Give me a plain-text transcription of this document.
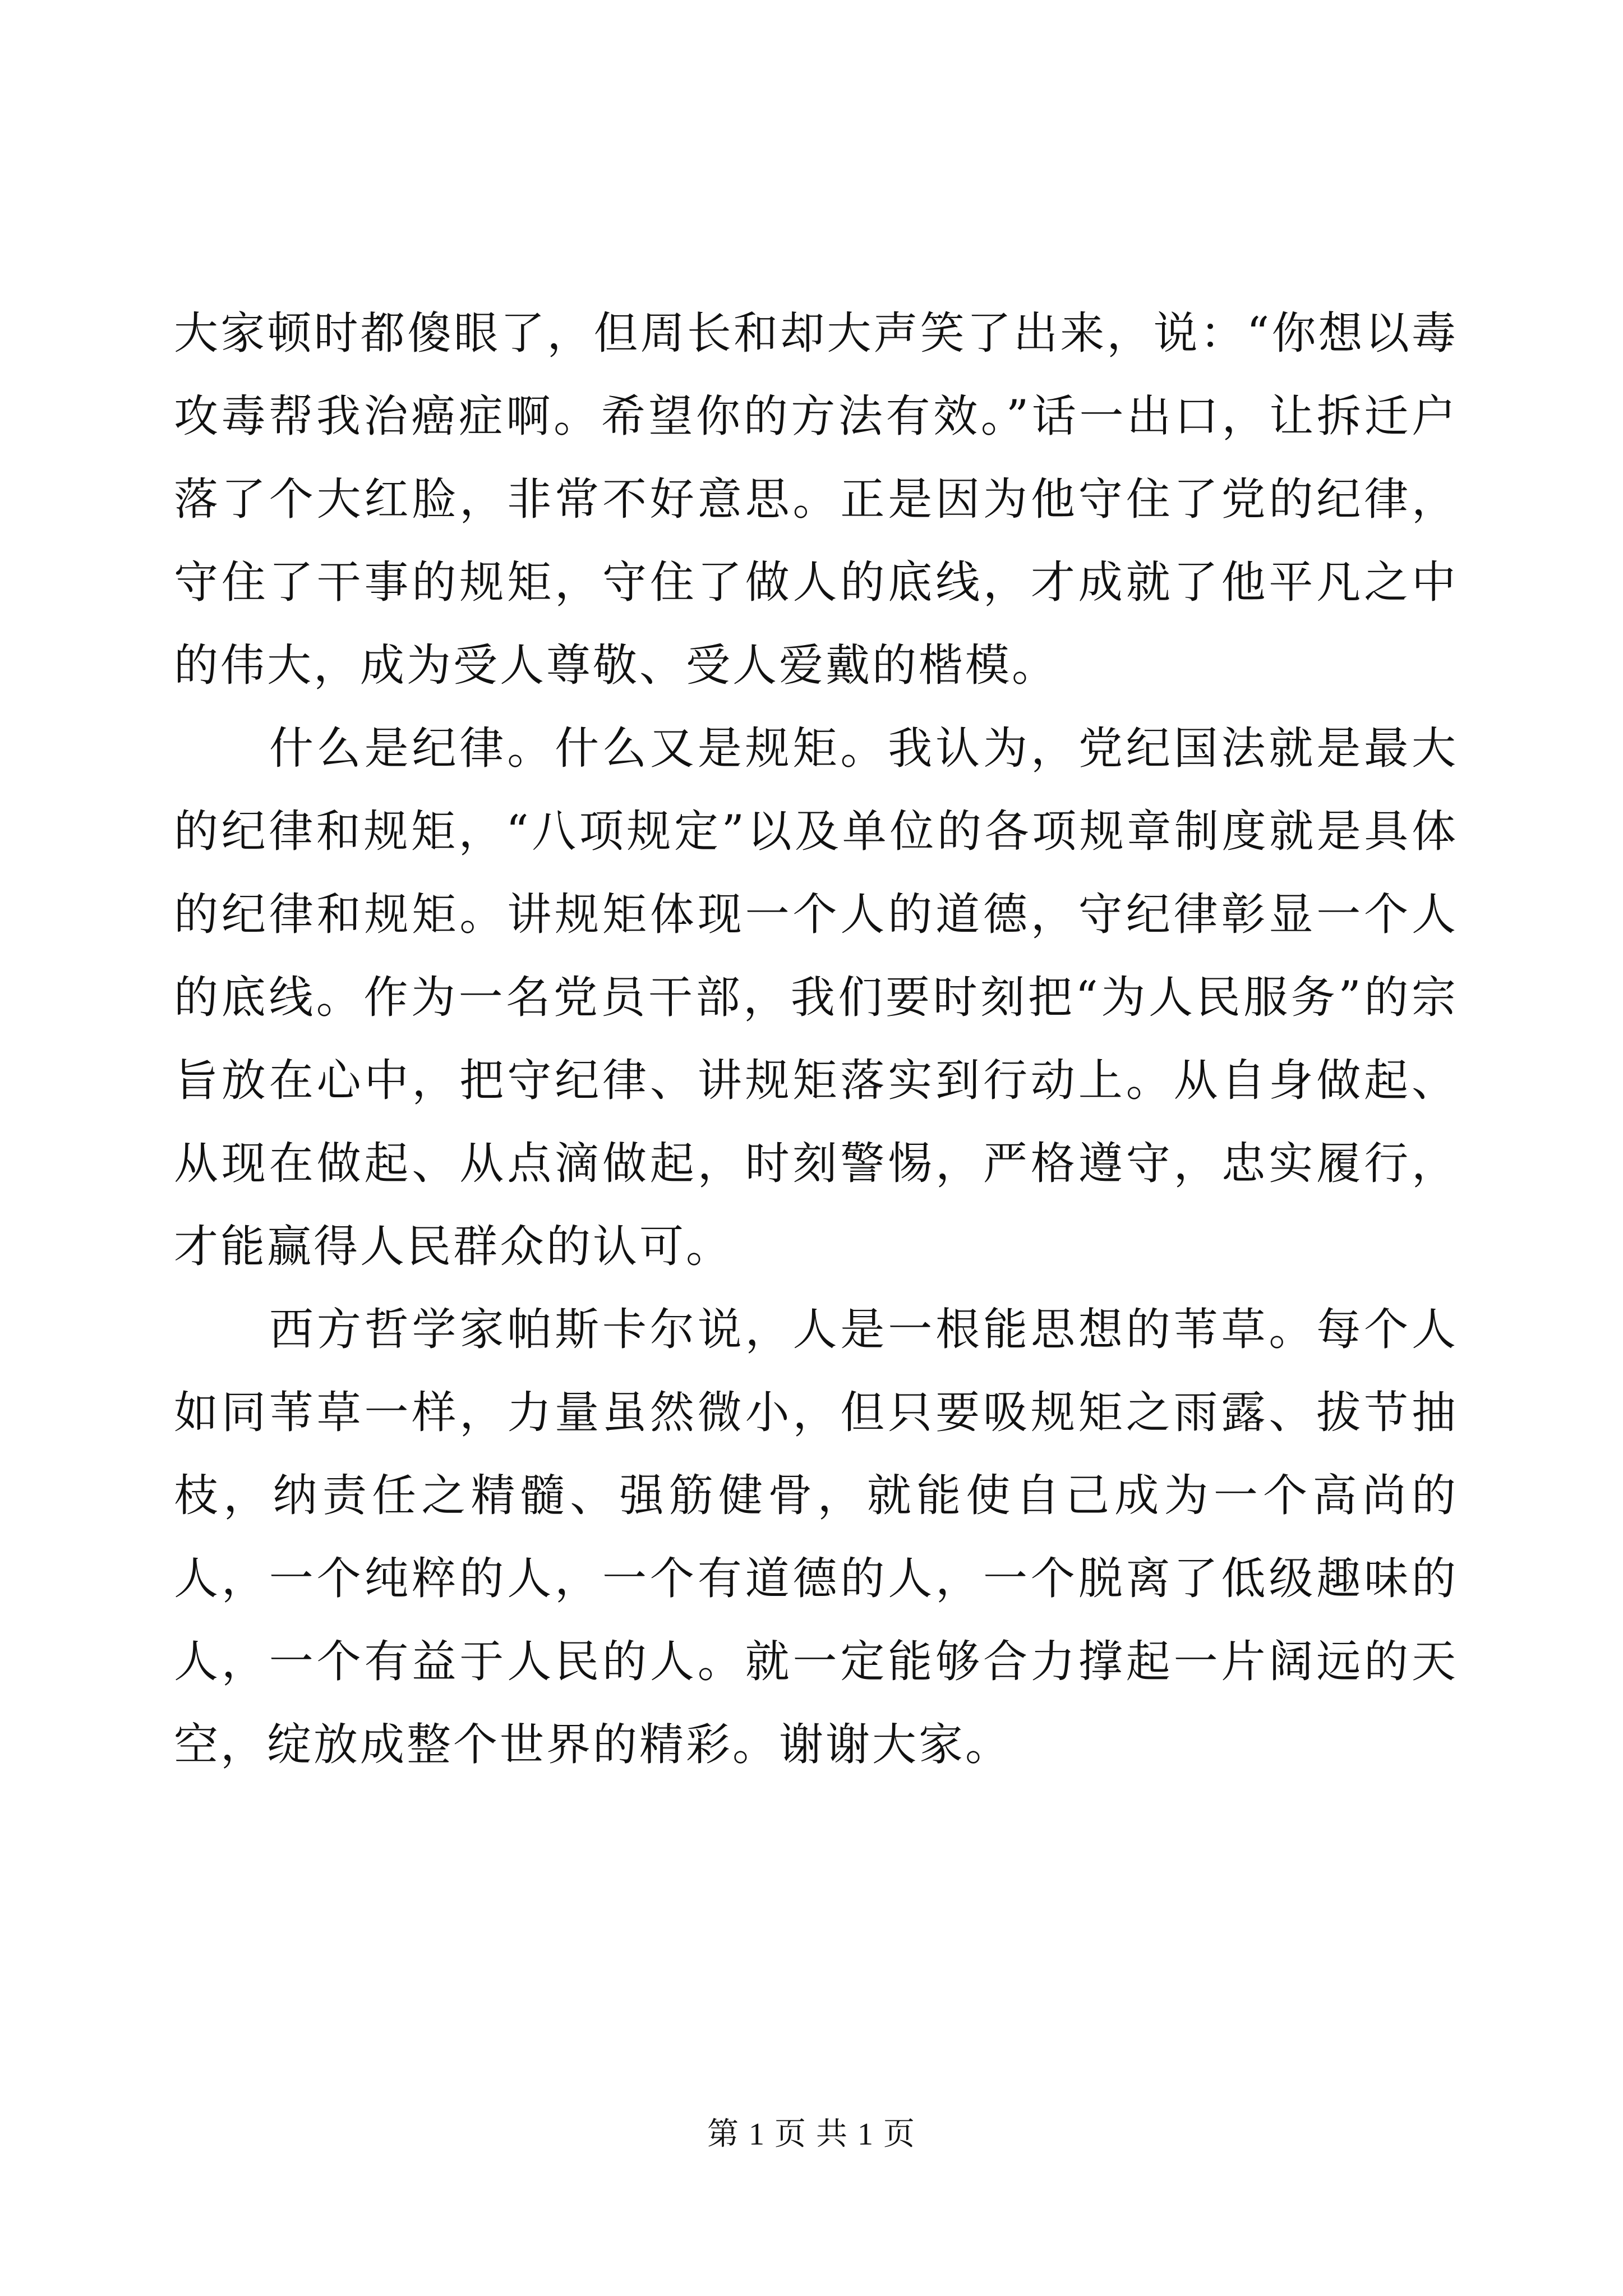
大家顿时都傻眼了，但周长和却大声笑了出来，说：“你想以毒攻毒帮我治癌症啊。希望你的方法有效。”话一出口，让拆迁户落了个大红脸，非常不好意思。正是因为他守住了党的纪律，守住了干事的规矩，守住了做人的底线，才成就了他平凡之中的伟大，成为受人尊敬、受人爱戴的楷模。

什么是纪律。什么又是规矩。我认为，党纪国法就是最大的纪律和规矩，“八项规定”以及单位的各项规章制度就是具体的纪律和规矩。讲规矩体现一个人的道德，守纪律彰显一个人的底线。作为一名党员干部，我们要时刻把“为人民服务”的宗旨放在心中，把守纪律、讲规矩落实到行动上。从自身做起、从现在做起、从点滴做起，时刻警惕，严格遵守，忠实履行，才能赢得人民群众的认可。

西方哲学家帕斯卡尔说，人是一根能思想的苇草。每个人如同苇草一样，力量虽然微小，但只要吸规矩之雨露、拔节抽枝，纳责任之精髓、强筋健骨，就能使自己成为一个高尚的人，一个纯粹的人，一个有道德的人，一个脱离了低级趣味的人，一个有益于人民的人。就一定能够合力撑起一片阔远的天空，绽放成整个世界的精彩。谢谢大家。

第 1 页 共 1 页
